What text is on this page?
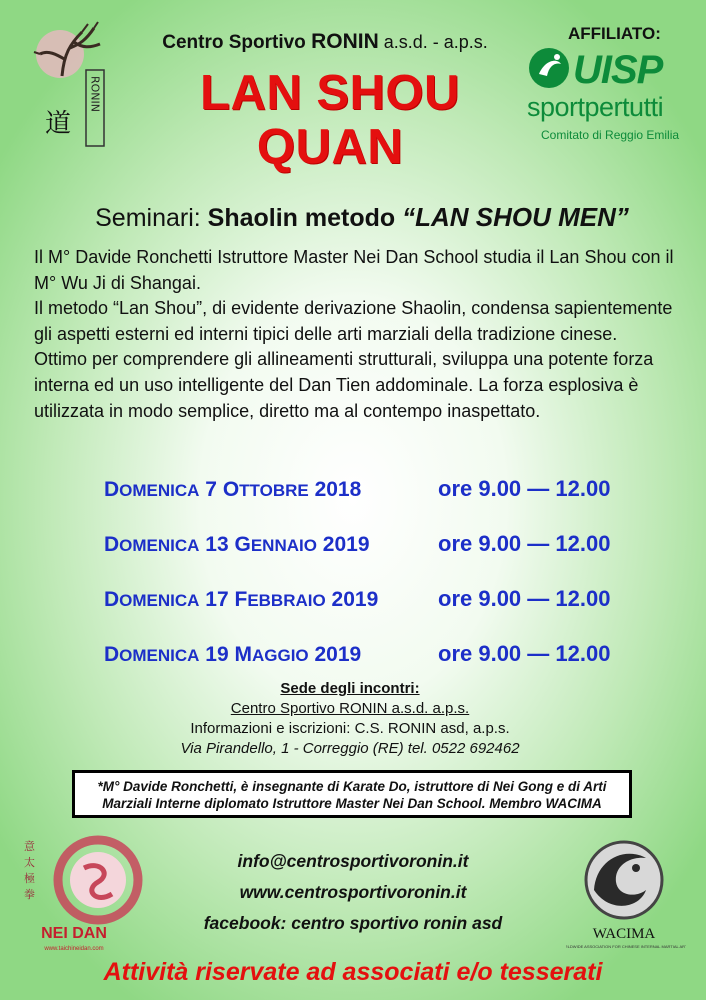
道
RONIN
Centro Sportivo RONIN a.s.d. - a.p.s.
LAN SHOU
QUAN
AFFILIATO:
UISP
sportpertutti
Comitato di Reggio Emilia
Seminari: Shaolin metodo “LAN SHOU MEN”

Il M° Davide Ronchetti Istruttore Master Nei Dan School studia il Lan Shou con il M° Wu Ji di Shangai.

Il metodo “Lan Shou”, di evidente derivazione Shaolin, condensa sapientemente gli aspetti esterni ed interni tipici delle arti marziali della tradizione cinese.

Ottimo per comprendere gli allineamenti strutturali, sviluppa una potente forza interna ed un uso intelligente del Dan Tien addominale. La forza esplosiva è utilizzata in modo semplice, diretto ma al contempo inaspettato.

DOMENICA 7 OTTOBRE 2018	ore 9.00 — 12.00
DOMENICA 13 GENNAIO 2019	ore 9.00 — 12.00
DOMENICA 17 FEBBRAIO 2019	ore 9.00 — 12.00
DOMENICA 19 MAGGIO 2019	ore 9.00 — 12.00
Sede degli incontri:
Centro Sportivo RONIN a.s.d. a.p.s.
Informazioni e iscrizioni: C.S. RONIN asd, a.p.s.
Via Pirandello, 1 - Correggio (RE) tel. 0522 692462
*M° Davide Ronchetti, è insegnante di Karate Do, istruttore di Nei Gong e di Arti Marziali Interne diplomato Istruttore Master Nei Dan School. Membro WACIMA
意
太
極
拳
NEI DAN
www.taichineidan.com
info@centrosportivoronin.it
www.centrosportivoronin.it
facebook: centro sportivo ronin asd
WACIMA
WORLDWIDE ASSOCIATION FOR CHINESE INTERNAL MARTIAL ARTS
Attività riservate ad associati e/o tesserati
